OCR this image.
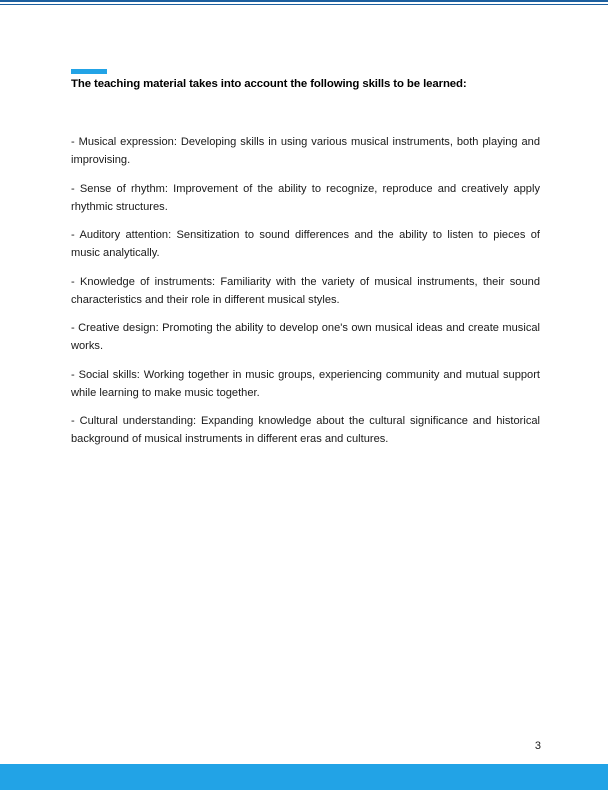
The teaching material takes into account the following skills to be learned:
- Musical expression: Developing skills in using various musical instruments, both playing and improvising.
- Sense of rhythm: Improvement of the ability to recognize, reproduce and creatively apply rhythmic structures.
- Auditory attention: Sensitization to sound differences and the ability to listen to pieces of music analytically.
- Knowledge of instruments: Familiarity with the variety of musical instruments, their sound characteristics and their role in different musical styles.
- Creative design: Promoting the ability to develop one's own musical ideas and create musical works.
- Social skills: Working together in music groups, experiencing community and mutual support while learning to make music together.
- Cultural understanding: Expanding knowledge about the cultural significance and historical background of musical instruments in different eras and cultures.
3
